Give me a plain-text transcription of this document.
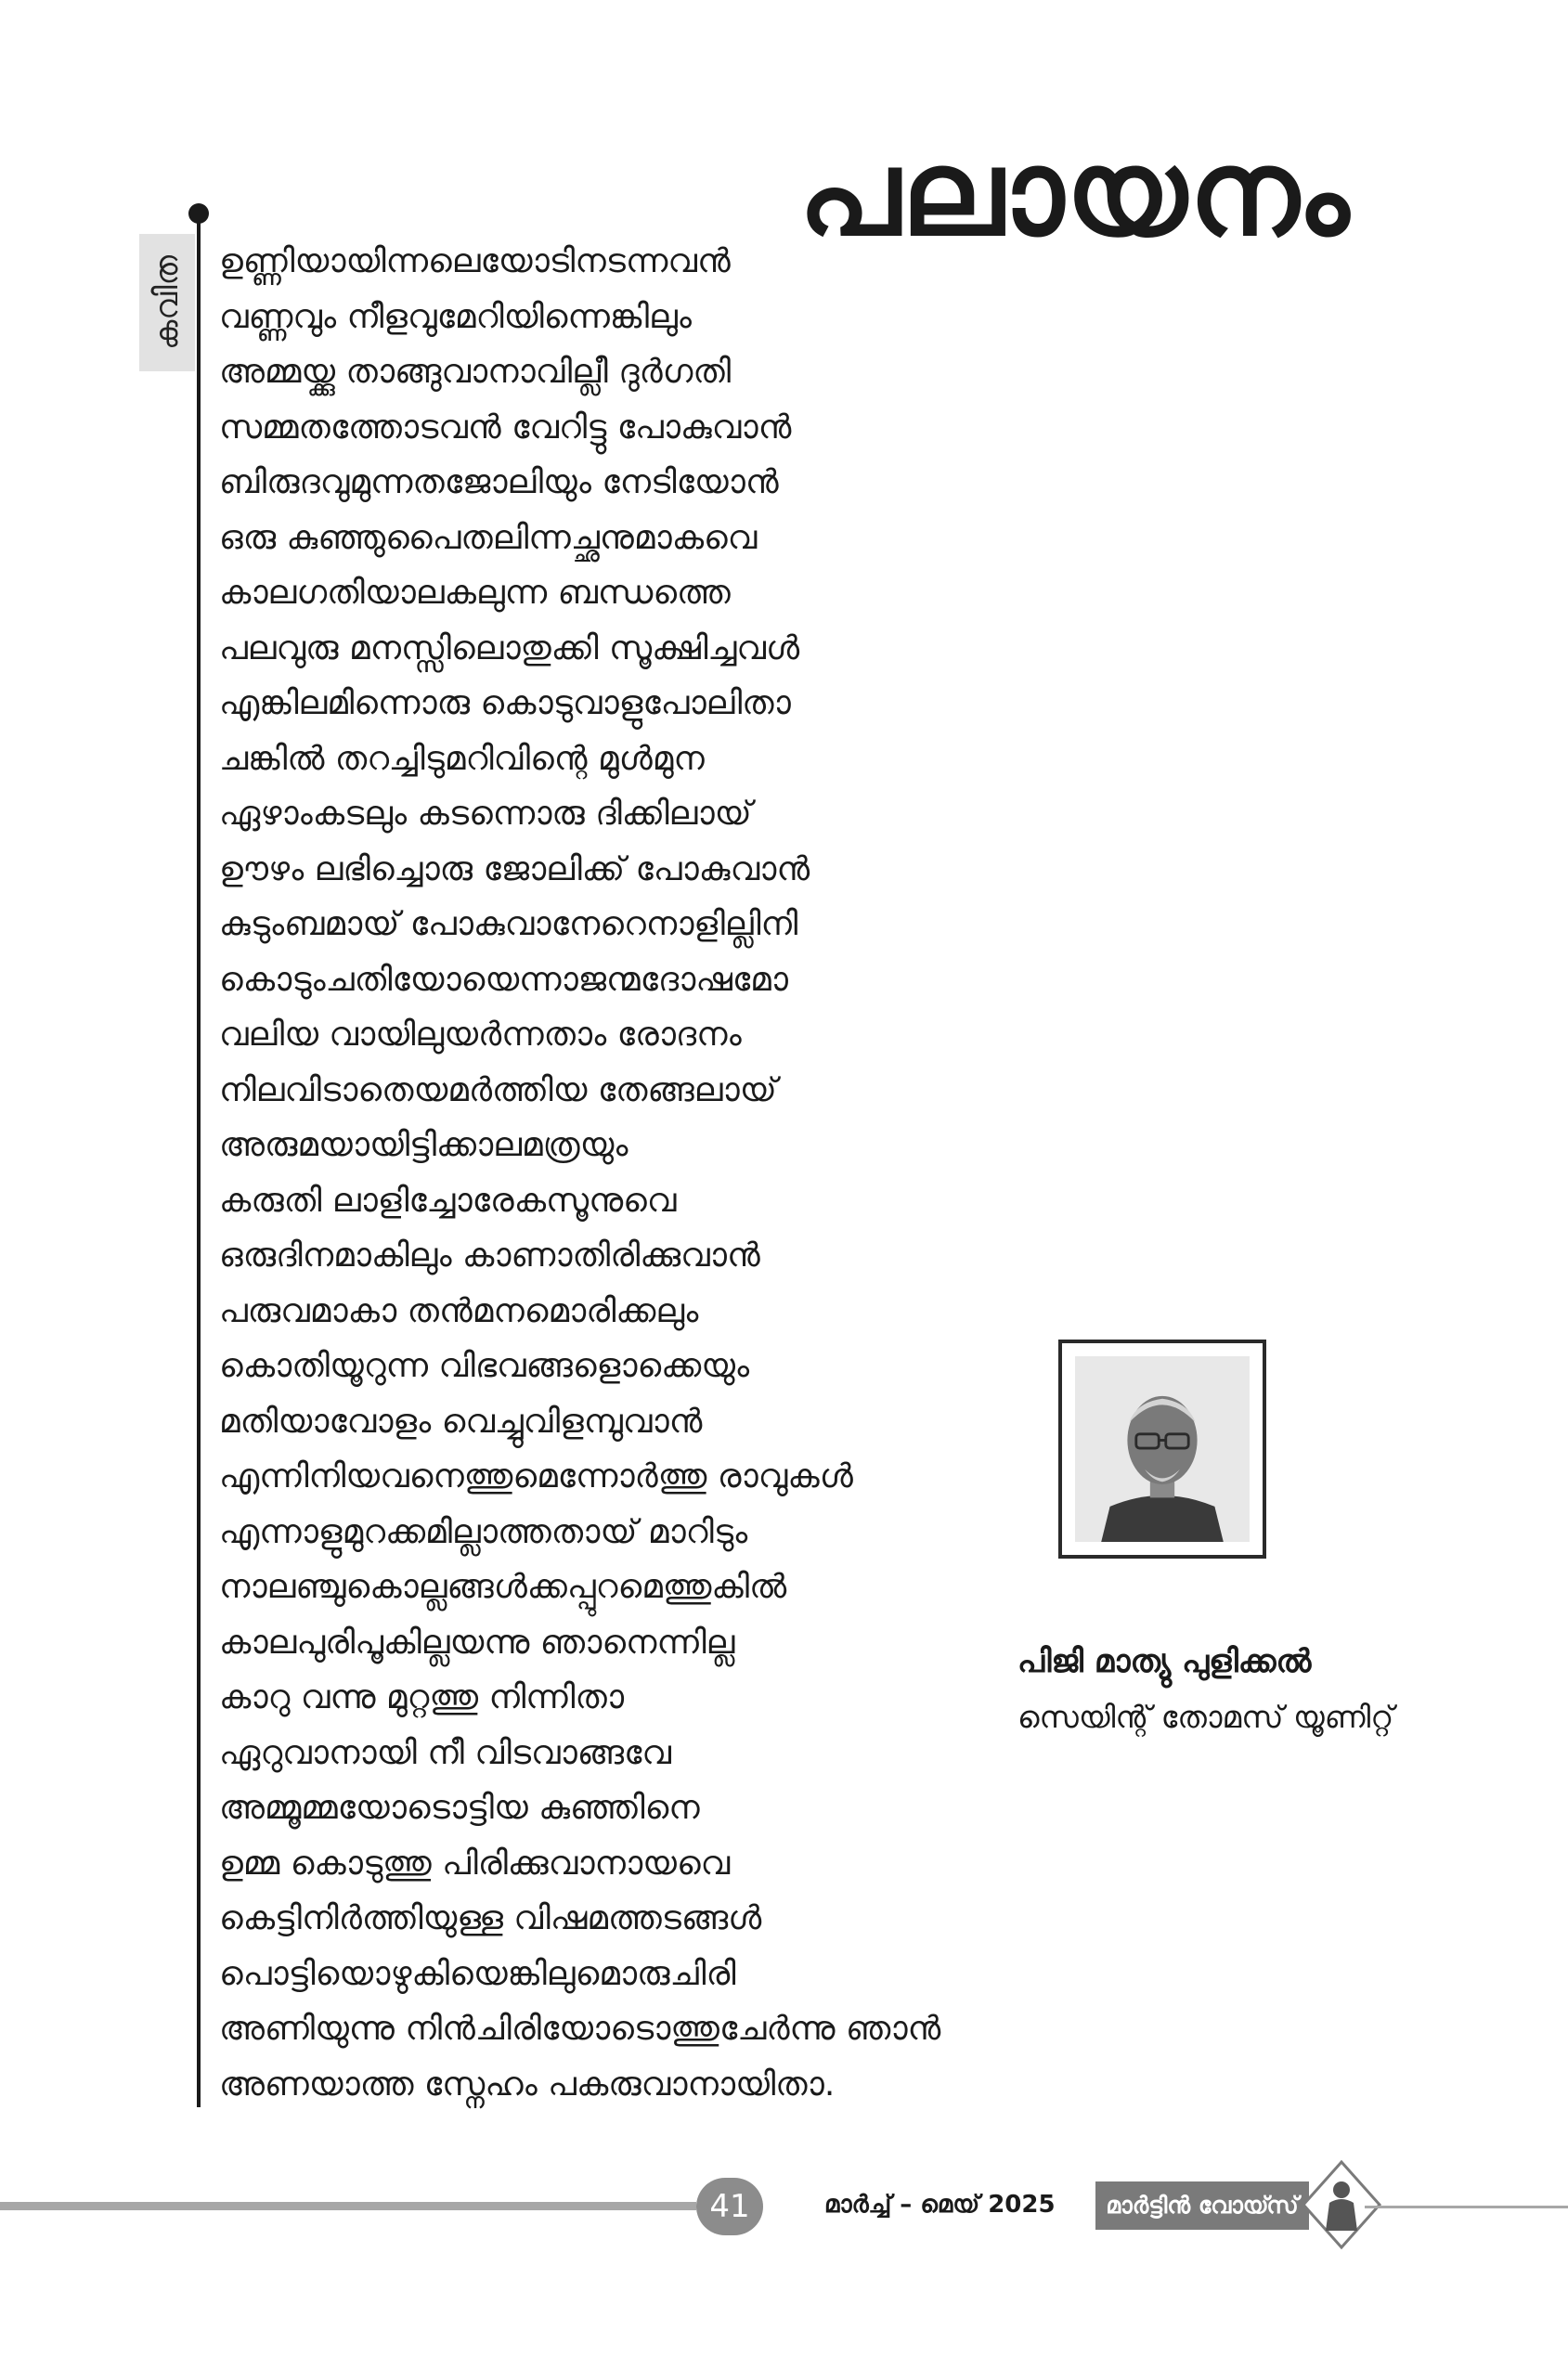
പലായനം
കവിത ഉണ്ണിയായിന്നലെയോടിനടന്നവൻ
വണ്ണവും നീളവുമേറിയിന്നെങ്കിലും
അമ്മയ്ക്കു താങ്ങുവാനാവില്ലീ ദുർഗതി
സമ്മതത്തോടവൻ വേറിട്ടു പോകുവാൻ
ബിരുദവുമുന്നതജോലിയും നേടിയോൻ
ഒരു കുഞ്ഞുപൈതലിന്നച്ഛനുമാകവെ
കാലഗതിയാലകലുന്ന ബന്ധത്തെ
പലവുരു മനസ്സിലൊതുക്കി സൂക്ഷിച്ചവൾ
എങ്കിലമിന്നൊരു കൊടുവാളുപോലിതാ
ചങ്കിൽ തറച്ചിടുമറിവിന്റെ മുൾമുന
ഏഴാംകടലും കടന്നൊരു ദിക്കിലായ്
ഊഴം ലഭിച്ചൊരു ജോലിക്ക് പോകുവാൻ
കുടുംബമായ് പോകുവാനേറെനാളില്ലിനി
കൊടുംചതിയോയെന്നാജന്മദോഷമോ
വലിയ വായിലുയർന്നതാം രോദനം
നിലവിടാതെയമർത്തിയ തേങ്ങലായ്
അരുമയായിട്ടിക്കാലമത്രയും
കരുതി ലാളിച്ചോരേകസൂനുവെ
ഒരുദിനമാകിലും കാണാതിരിക്കുവാൻ
പരുവമാകാ തൻമനമൊരിക്കലും
കൊതിയൂറുന്ന വിഭവങ്ങളൊക്കെയും
മതിയാവോളം വെച്ചുവിളമ്പുവാൻ
എന്നിനിയവനെത്തുമെന്നോർത്തു രാവുകൾ
എന്നാളുമുറക്കമില്ലാത്തതായ് മാറിടും
നാലഞ്ചുകൊല്ലങ്ങൾക്കപ്പുറമെത്തുകിൽ
കാലപുരിപൂകില്ലയന്നു ഞാനെന്നില്ല
കാറു വന്നു മുറ്റത്തു നിന്നിതാ
ഏറുവാനായി നീ വിടവാങ്ങവേ
അമ്മൂമ്മയോടൊട്ടിയ കുഞ്ഞിനെ
ഉമ്മ കൊടുത്തു പിരിക്കുവാനായവെ
കെട്ടിനിർത്തിയുള്ള വിഷമത്തടങ്ങൾ
പൊട്ടിയൊഴുകിയെങ്കിലുമൊരുചിരി
അണിയുന്നു നിൻചിരിയോടൊത്തുചേർന്നു ഞാൻ
അണയാത്ത സ്നേഹം പകരുവാനായിതാ.
പിജി മാത്യു പുളിക്കൽ
സെയിന്റ് തോമസ് യൂണിറ്റ്
41	മാർച്ച് – മെയ് 2025	മാർട്ടിൻ വോയ്സ്
